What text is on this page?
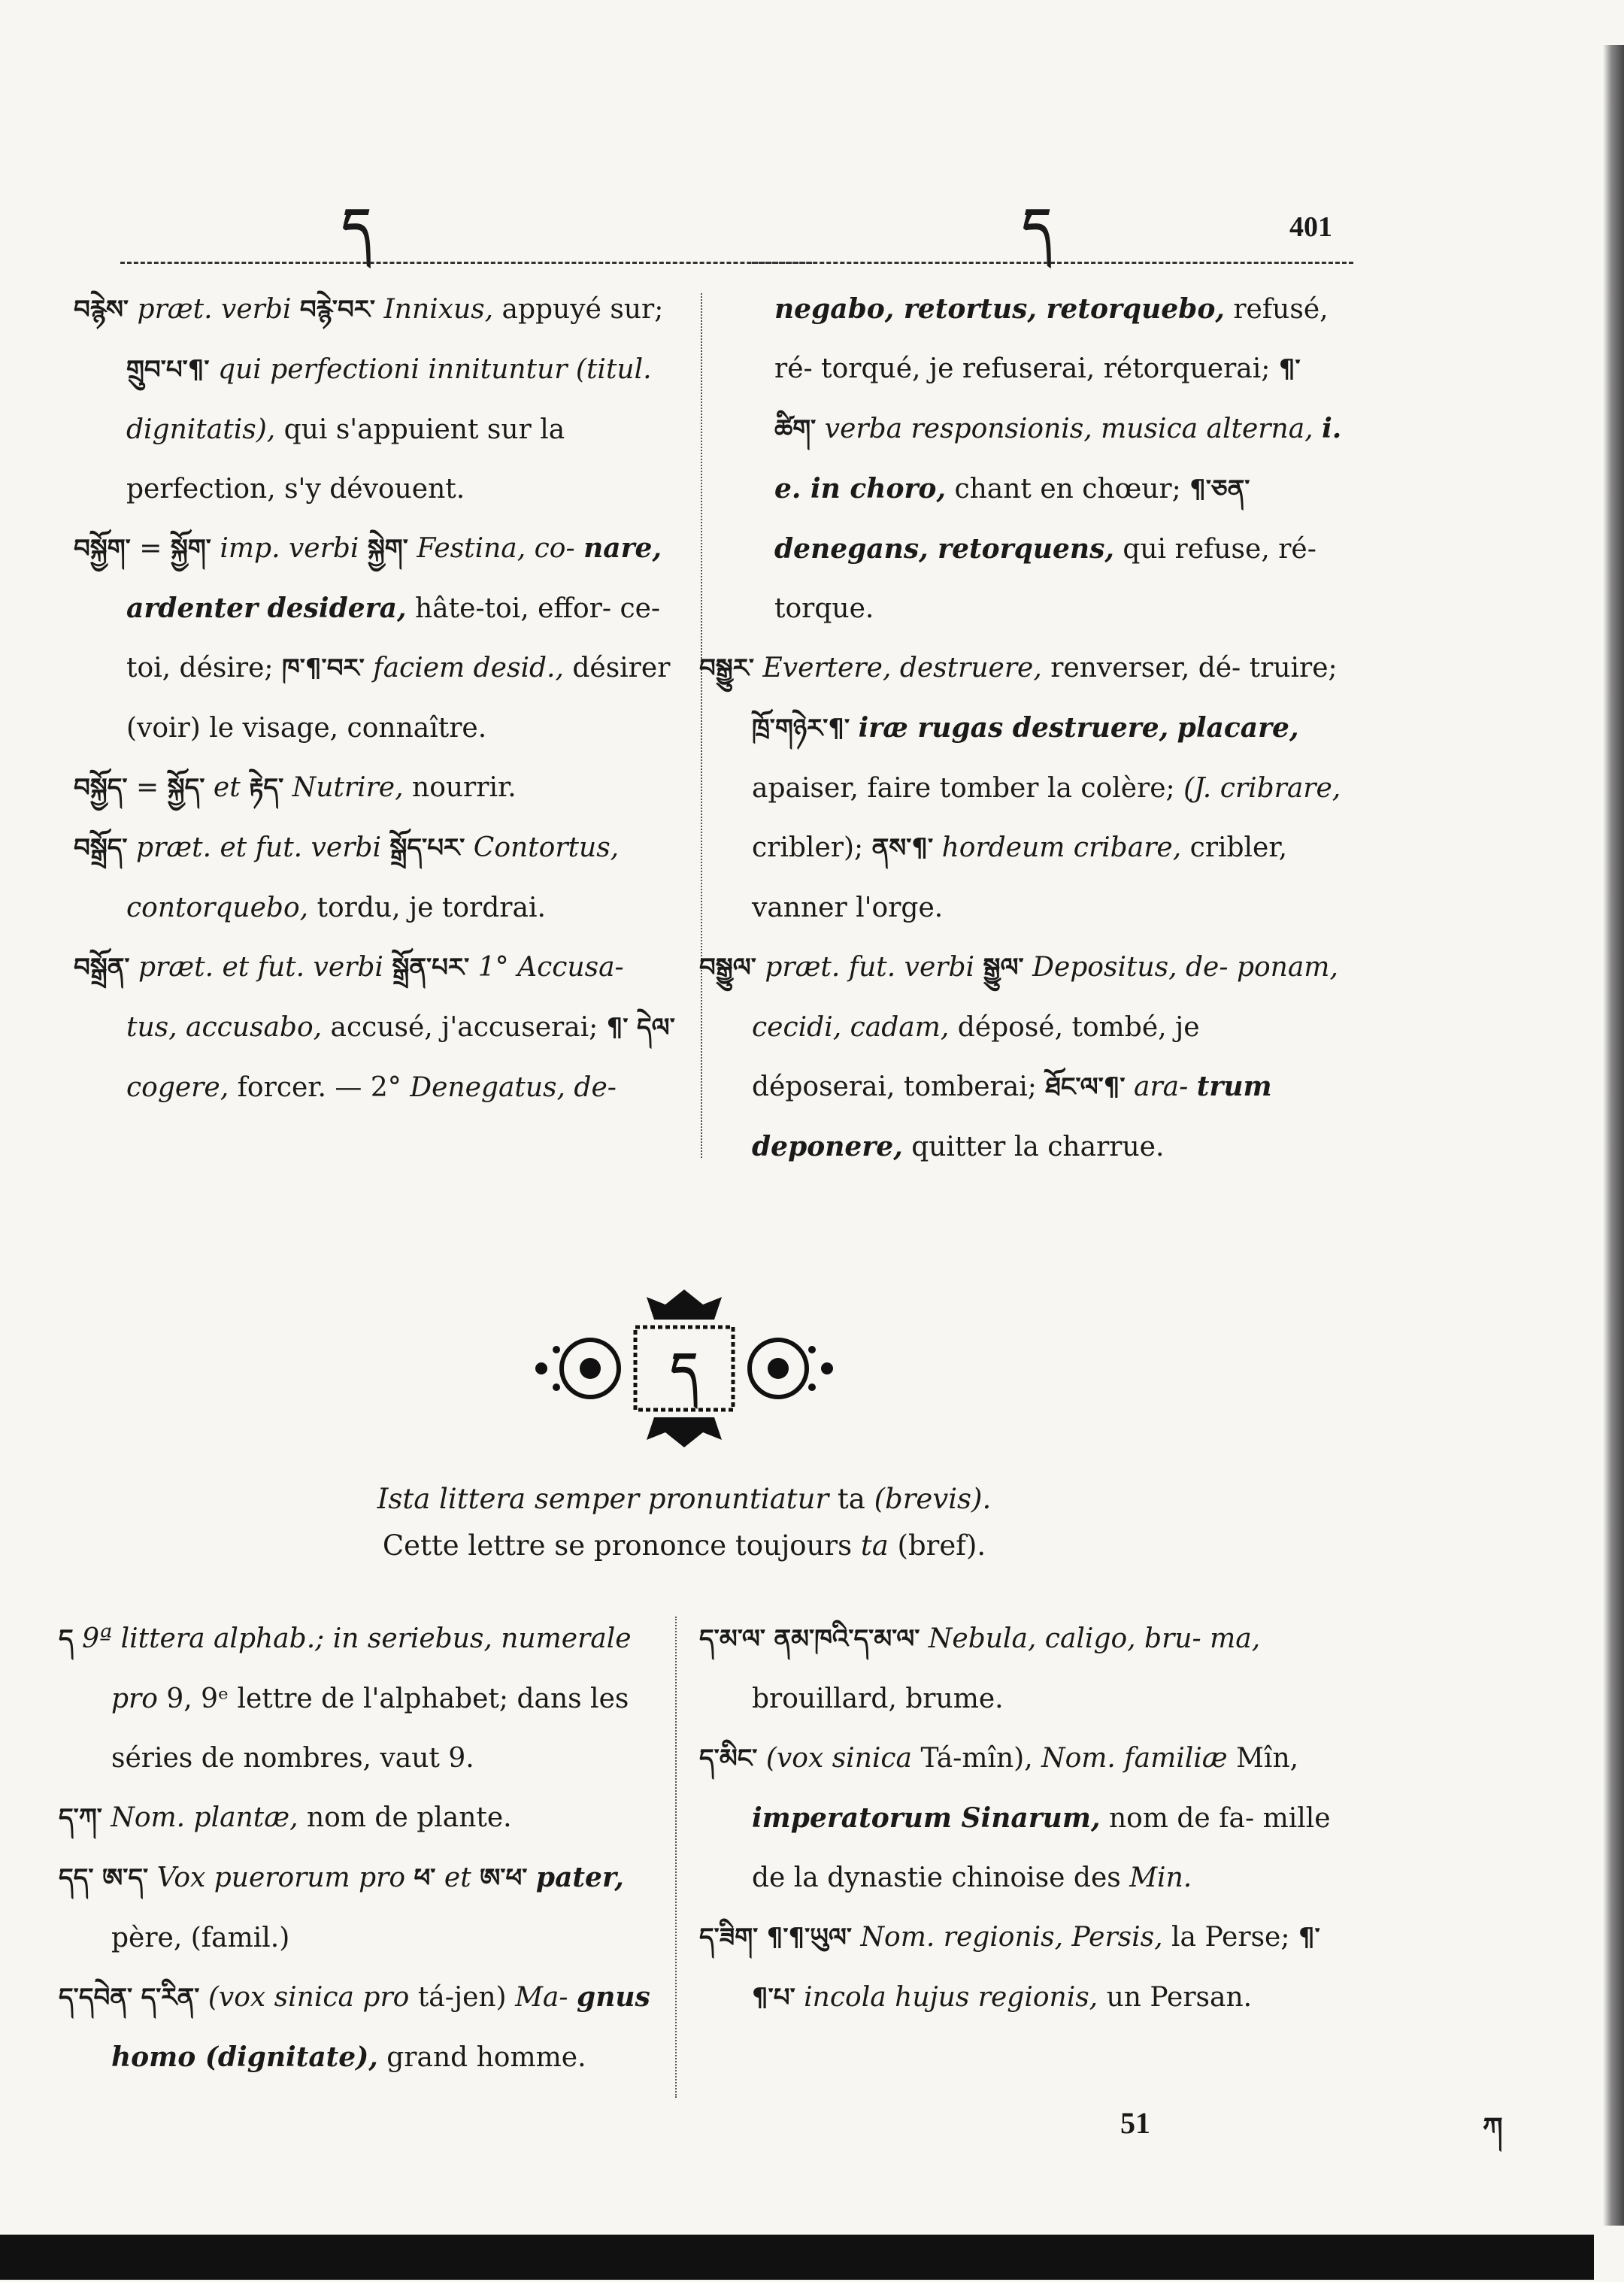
ད	ད	401

བརྙེས་ præt. verbi བརྙེ་བར་ Innixus, appuyé sur; གྲུབ་པ་¶་ qui perfectioni innituntur (titul. dignitatis), qui s'appuient sur la perfection, s'y dévouent.

བསྐྱོག་ = སྐྱོག་ imp. verbi སྐྱེག་ Festina, co- nare, ardenter desidera, hâte-toi, effor- ce-toi, désire; ཁ་¶་བར་ faciem desid., désirer (voir) le visage, connaître.

བསྐྱོད་ = སྐྱོད་ et རྟེད་ Nutrire, nourrir.

བསྒྲོད་ præt. et fut. verbi སྒྲོད་པར་ Contortus, contorquebo, tordu, je tordrai.

བསྒྲོན་ præt. et fut. verbi སྒྲོན་པར་ 1° Accusa- tus, accusabo, accusé, j'accuserai; ¶་ དེལ་ cogere, forcer. — 2° Denegatus, de-

negabo, retortus, retorquebo, refusé, ré- torqué, je refuserai, rétorquerai; ¶་ ཚིག་ verba responsionis, musica alterna, i. e. in choro, chant en chœur; ¶་ཅན་ denegans, retorquens, qui refuse, ré- torque.

བསྒྱུར་ Evertere, destruere, renverser, dé- truire; ཁྲོ་གཉེར་¶་ iræ rugas destruere, placare, apaiser, faire tomber la colère; (J. cribrare, cribler); ནས་¶་ hordeum cribare, cribler, vanner l'orge.

བསྒྱུལ་ præt. fut. verbi སྒྱུལ་ Depositus, de- ponam, cecidi, cadam, déposé, tombé, je déposerai, tomberai; ཐོང་ལ་¶་ ara- trum deponere, quitter la charrue.

ད
Ista littera semper pronuntiatur ta (brevis).
Cette lettre se prononce toujours ta (bref).

ད 9ª littera alphab.; in seriebus, numerale pro 9, 9ᵉ lettre de l'alphabet; dans les séries de nombres, vaut 9.

ད་ཀ་ Nom. plantæ, nom de plante.

དད་ ཨ་ད་ Vox puerorum pro ཕ་ et ཨ་ཕ་ pater, père, (famil.)

ད་དབེན་ ད་རིན་ (vox sinica pro tá-jen) Ma- gnus homo (dignitate), grand homme.

ད་མ་ལ་ ནམ་ཁའི་ད་མ་ལ་ Nebula, caligo, bru- ma, brouillard, brume.

ད་མིང་ (vox sinica Tá-mîn), Nom. familiæ Mîn, imperatorum Sinarum, nom de fa- mille de la dynastie chinoise des Min.

ད་ཟིག་ ¶་¶་ཡུལ་ Nom. regionis, Persis, la Perse; ¶་¶་པ་ incola hujus regionis, un Persan.

51	ཀ
